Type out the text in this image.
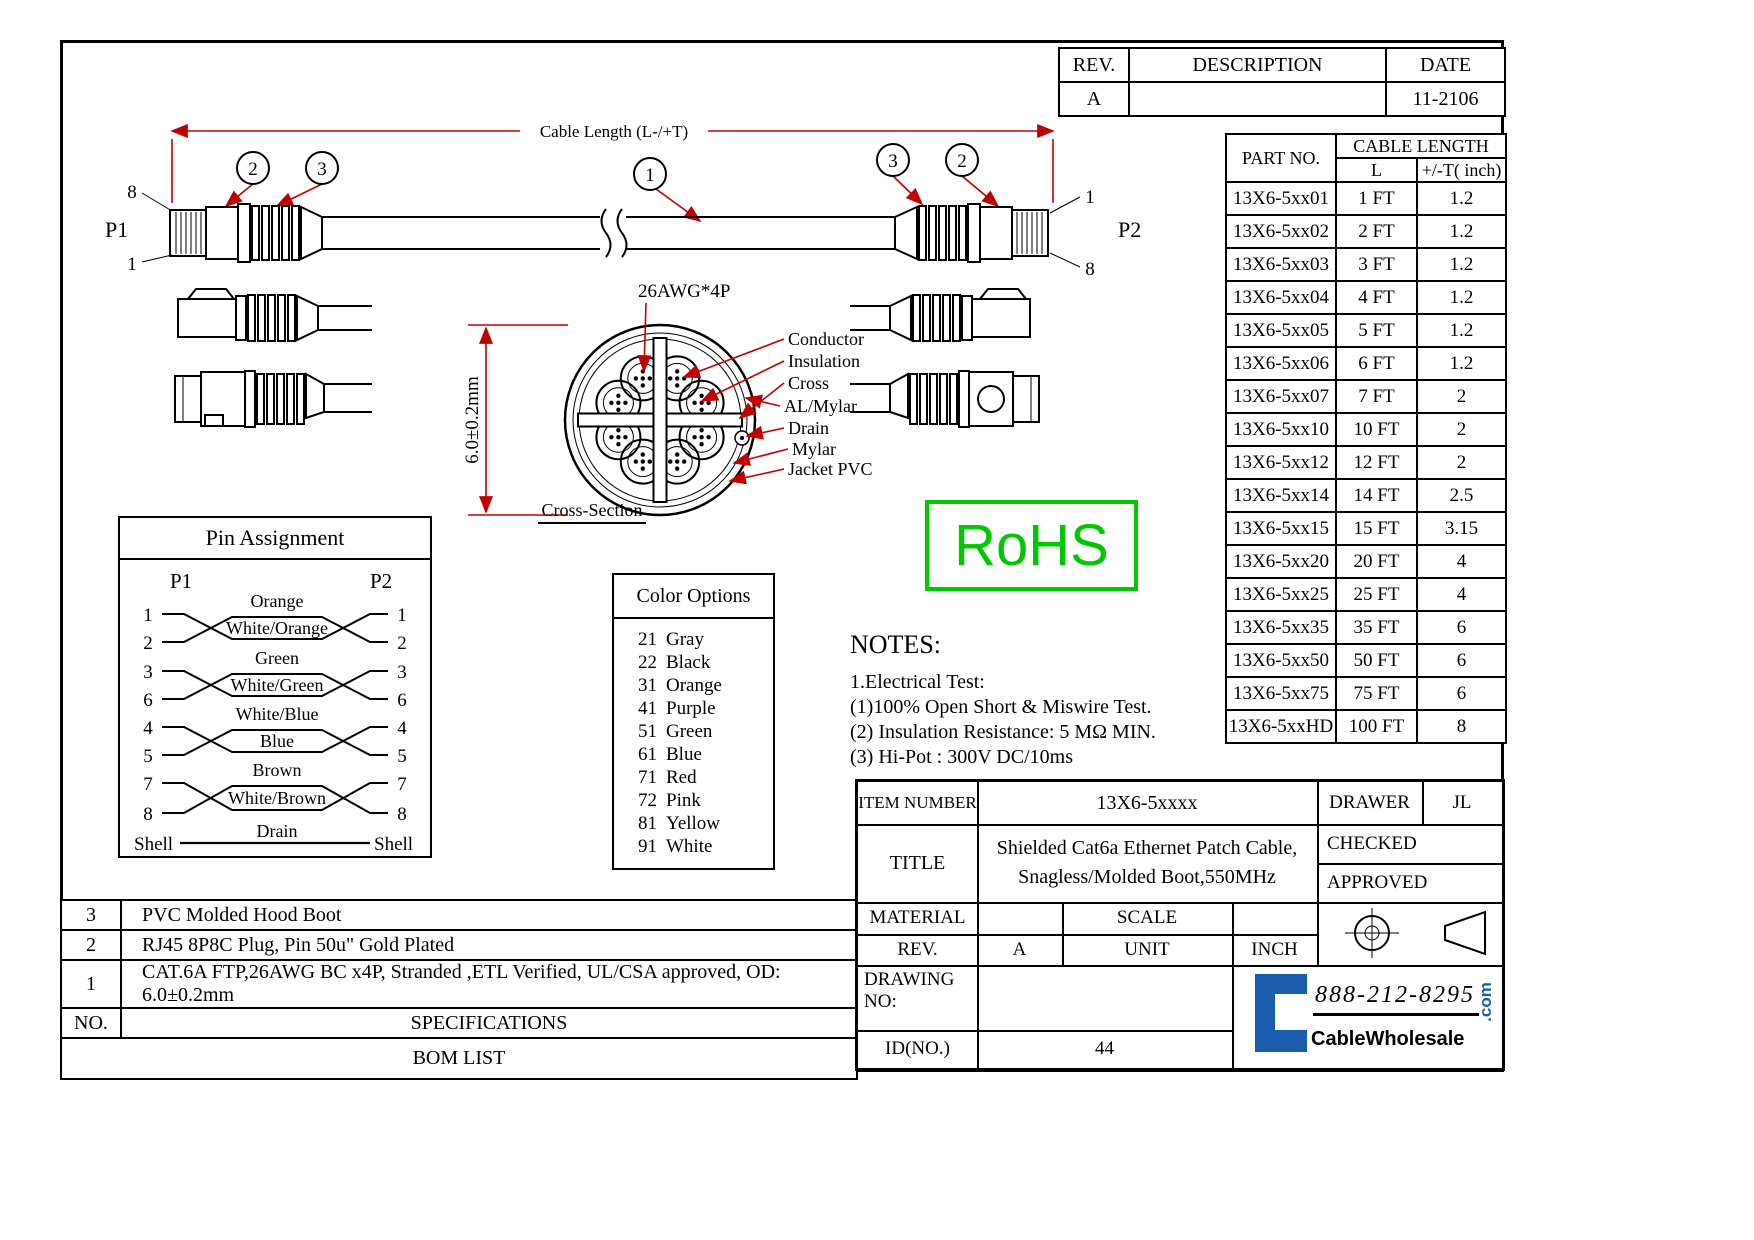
REV.	DESCRIPTION	DATE
A		11-2106
PART NO.	CABLE LENGTH	
	L	+/-T( inch)
13X6-5xx01	1 FT	1.2
13X6-5xx02	2 FT	1.2
13X6-5xx03	3 FT	1.2
13X6-5xx04	4 FT	1.2
13X6-5xx05	5 FT	1.2
13X6-5xx06	6 FT	1.2
13X6-5xx07	7 FT	2
13X6-5xx10	10 FT	2
13X6-5xx12	12 FT	2
13X6-5xx14	14 FT	2.5
13X6-5xx15	15 FT	3.15
13X6-5xx20	20 FT	4
13X6-5xx25	25 FT	4
13X6-5xx35	35 FT	6
13X6-5xx50	50 FT	6
13X6-5xx75	75 FT	6
13X6-5xxHD	100 FT	8
Cable Length (L-/+T)
2	3	1
3	2
P1	P2
8
1
1
8
26AWG*4P
Conductor
Insulation
Cross
AL/Mylar
Drain
Mylar
Jacket PVC
6.0±0.2mm
Cross-Section
Pin Assignment
P1	P2
Orange
White/Orange
1
2
1
2
Green
White/Green
3
6
3
6
White/Blue
Blue
4
5
4
5
Brown
White/Brown
7
8
7
8
Drain
Shell	Shell
Color Options
21 Gray
22 Black
31 Orange
41 Purple
51 Green
61 Blue
71 Red
72 Pink
81 Yellow
91 White
RoHS
NOTES:
1.Electrical Test:
(1)100% Open Short & Miswire Test.
(2) Insulation Resistance: 5 MΩ MIN.
(3) Hi-Pot : 300V DC/10ms
3	PVC Molded Hood Boot
2	RJ45 8P8C Plug, Pin 50u" Gold Plated
1	CAT.6A FTP,26AWG BC x4P, Stranded ,ETL Verified, UL/CSA approved, OD: 6.0±0.2mm
NO.	SPECIFICATIONS
BOM LIST	
ITEM NUMBER	13X6-5xxxx	DRAWER	JL
TITLE
Shielded Cat6a Ethernet Patch Cable,
Snagless/Molded Boot,550MHz
CHECKED
APPROVED
MATERIAL	SCALE
REV.	A	UNIT	INCH
DRAWING NO:
ID(NO.)	44
888-212-8295
CableWholesale
.com
